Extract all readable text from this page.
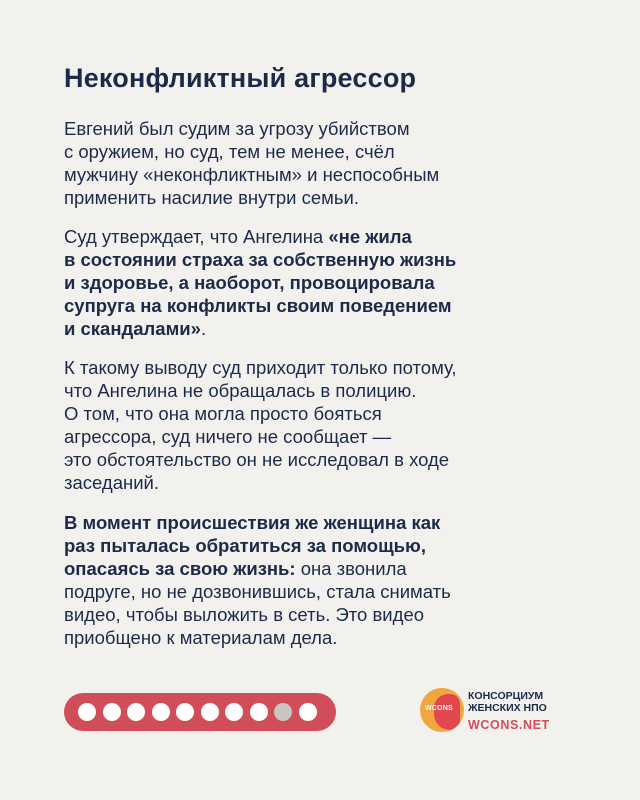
Неконфликтный агрессор

Евгений был судим за угрозу убийством
с оружием, но суд, тем не менее, счёл
мужчину «неконфликтным» и неспособным
применить насилие внутри семьи.

Суд утверждает, что Ангелина «не жила
в состоянии страха за собственную жизнь
и здоровье, а наоборот, провоцировала
супруга на конфликты своим поведением
и скандалами».

К такому выводу суд приходит только потому,
что Ангелина не обращалась в полицию.
О том, что она могла просто бояться
агрессора, суд ничего не сообщает —
это обстоятельство он не исследовал в ходе
заседаний.

В момент происшествия же женщина как
раз пыталась обратиться за помощью,
опасаясь за свою жизнь: она звонила
подруге, но не дозвонившись, стала снимать
видео, чтобы выложить в сеть. Это видео
приобщено к материалам дела.

WCONS
КОНСОРЦИУМ
ЖЕНСКИХ НПО
WCONS.NET
